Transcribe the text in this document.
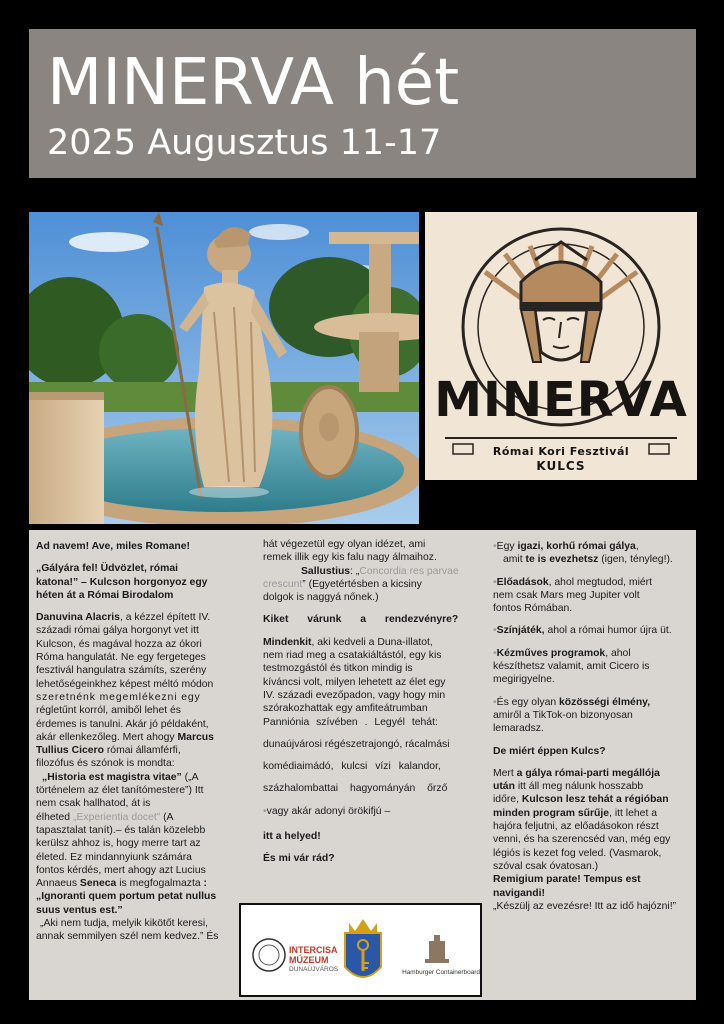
MINERVA hét
2025 Augusztus 11-17
MINERVA
Római Kori Fesztivál
KULCS

Ad navem! Ave, miles Romane!

„Gályára fel! Üdvözlet, római

katona!” – Kulcson horgonyoz egy

héten át a Római Birodalom

Danuvina Alacris, a kézzel épített IV.

századi római gálya horgonyt vet itt

Kulcson, és magával hozza az ókori

Róma hangulatát. Ne egy fergeteges

fesztivál hangulatra számíts, szerény

lehetőségeinkhez képest méltó módon

szeretnénk megemlékezni egy

régletűnt korról, amiből lehet és

érdemes is tanulni. Akár jó példaként,

akár ellenkezőleg. Mert ahogy Marcus

Tullius Cicero római államférfi,

filozófus és szónok is mondta:

„Historia est magistra vitae” („A

történelem az élet tanítómestere”) Itt

nem csak hallhatod, át is

élheted „Experientia docet” (A

tapasztalat tanít).– és talán közelebb

kerülsz ahhoz is, hogy merre tart az

életed. Ez mindannyiunk számára

fontos kérdés, mert ahogy azt Lucius

Annaeus Seneca is megfogalmazta :

„Ignoranti quem portum petat nullus

suus ventus est.”

„Aki nem tudja, melyik kikötőt keresi,

annak semmilyen szél nem kedvez.” És

hát végezetül egy olyan idézet, ami

remek illik egy kis falu nagy álmaihoz.

Sallustius: „Concordia res parvae

crescunt” (Egyetértésben a kicsiny

dolgok is naggyá nőnek.)

Kiket várunk a rendezvényre?

Mindenkit, aki kedveli a Duna-illatot,

nem riad meg a csatakiáltástól, egy kis

testmozgástól és titkon mindig is

kíváncsi volt, milyen lehetett az élet egy

IV. századi evezőpadon, vagy hogy min

szórakozhattak egy amfiteátrumban

Panniónia szívében . Legyél tehát:

dunaújvárosi régészetrajongó, rácalmási

komédiaimádó, kulcsi vízi kalandor,

százhalombattai hagyományán őrző

•vagy akár adonyi örökifjú –

itt a helyed!

És mi vár rád?

•Egy igazi, korhű római gálya,

amit te is evezhetsz (igen, tényleg!).

•Előadások, ahol megtudod, miért

nem csak Mars meg Jupiter volt

fontos Rómában.

•Színjáték, ahol a római humor újra üt.

•Kézműves programok, ahol

készíthetsz valamit, amit Cicero is

megirigyelne.

•És egy olyan közösségi élmény,

amiről a TikTok-on bizonyosan

lemaradsz.

De miért éppen Kulcs?

Mert a gálya római-parti megállója

után itt áll meg nálunk hosszabb

időre, Kulcson lesz tehát a régióban

minden program sűrűje, itt lehet a

hajóra feljutni, az előadásokon részt

venni, és ha szerencséd van, még egy

légiós is kezet fog veled. (Vasmarok,

szóval csak óvatosan.)

Remigium parate! Tempus est

navigandi!

„Készülj az evezésre! Itt az idő hajózni!”

INTERCISA
MÚZEUM
DUNAÚJVÁROS	Hamburger Containerboard
